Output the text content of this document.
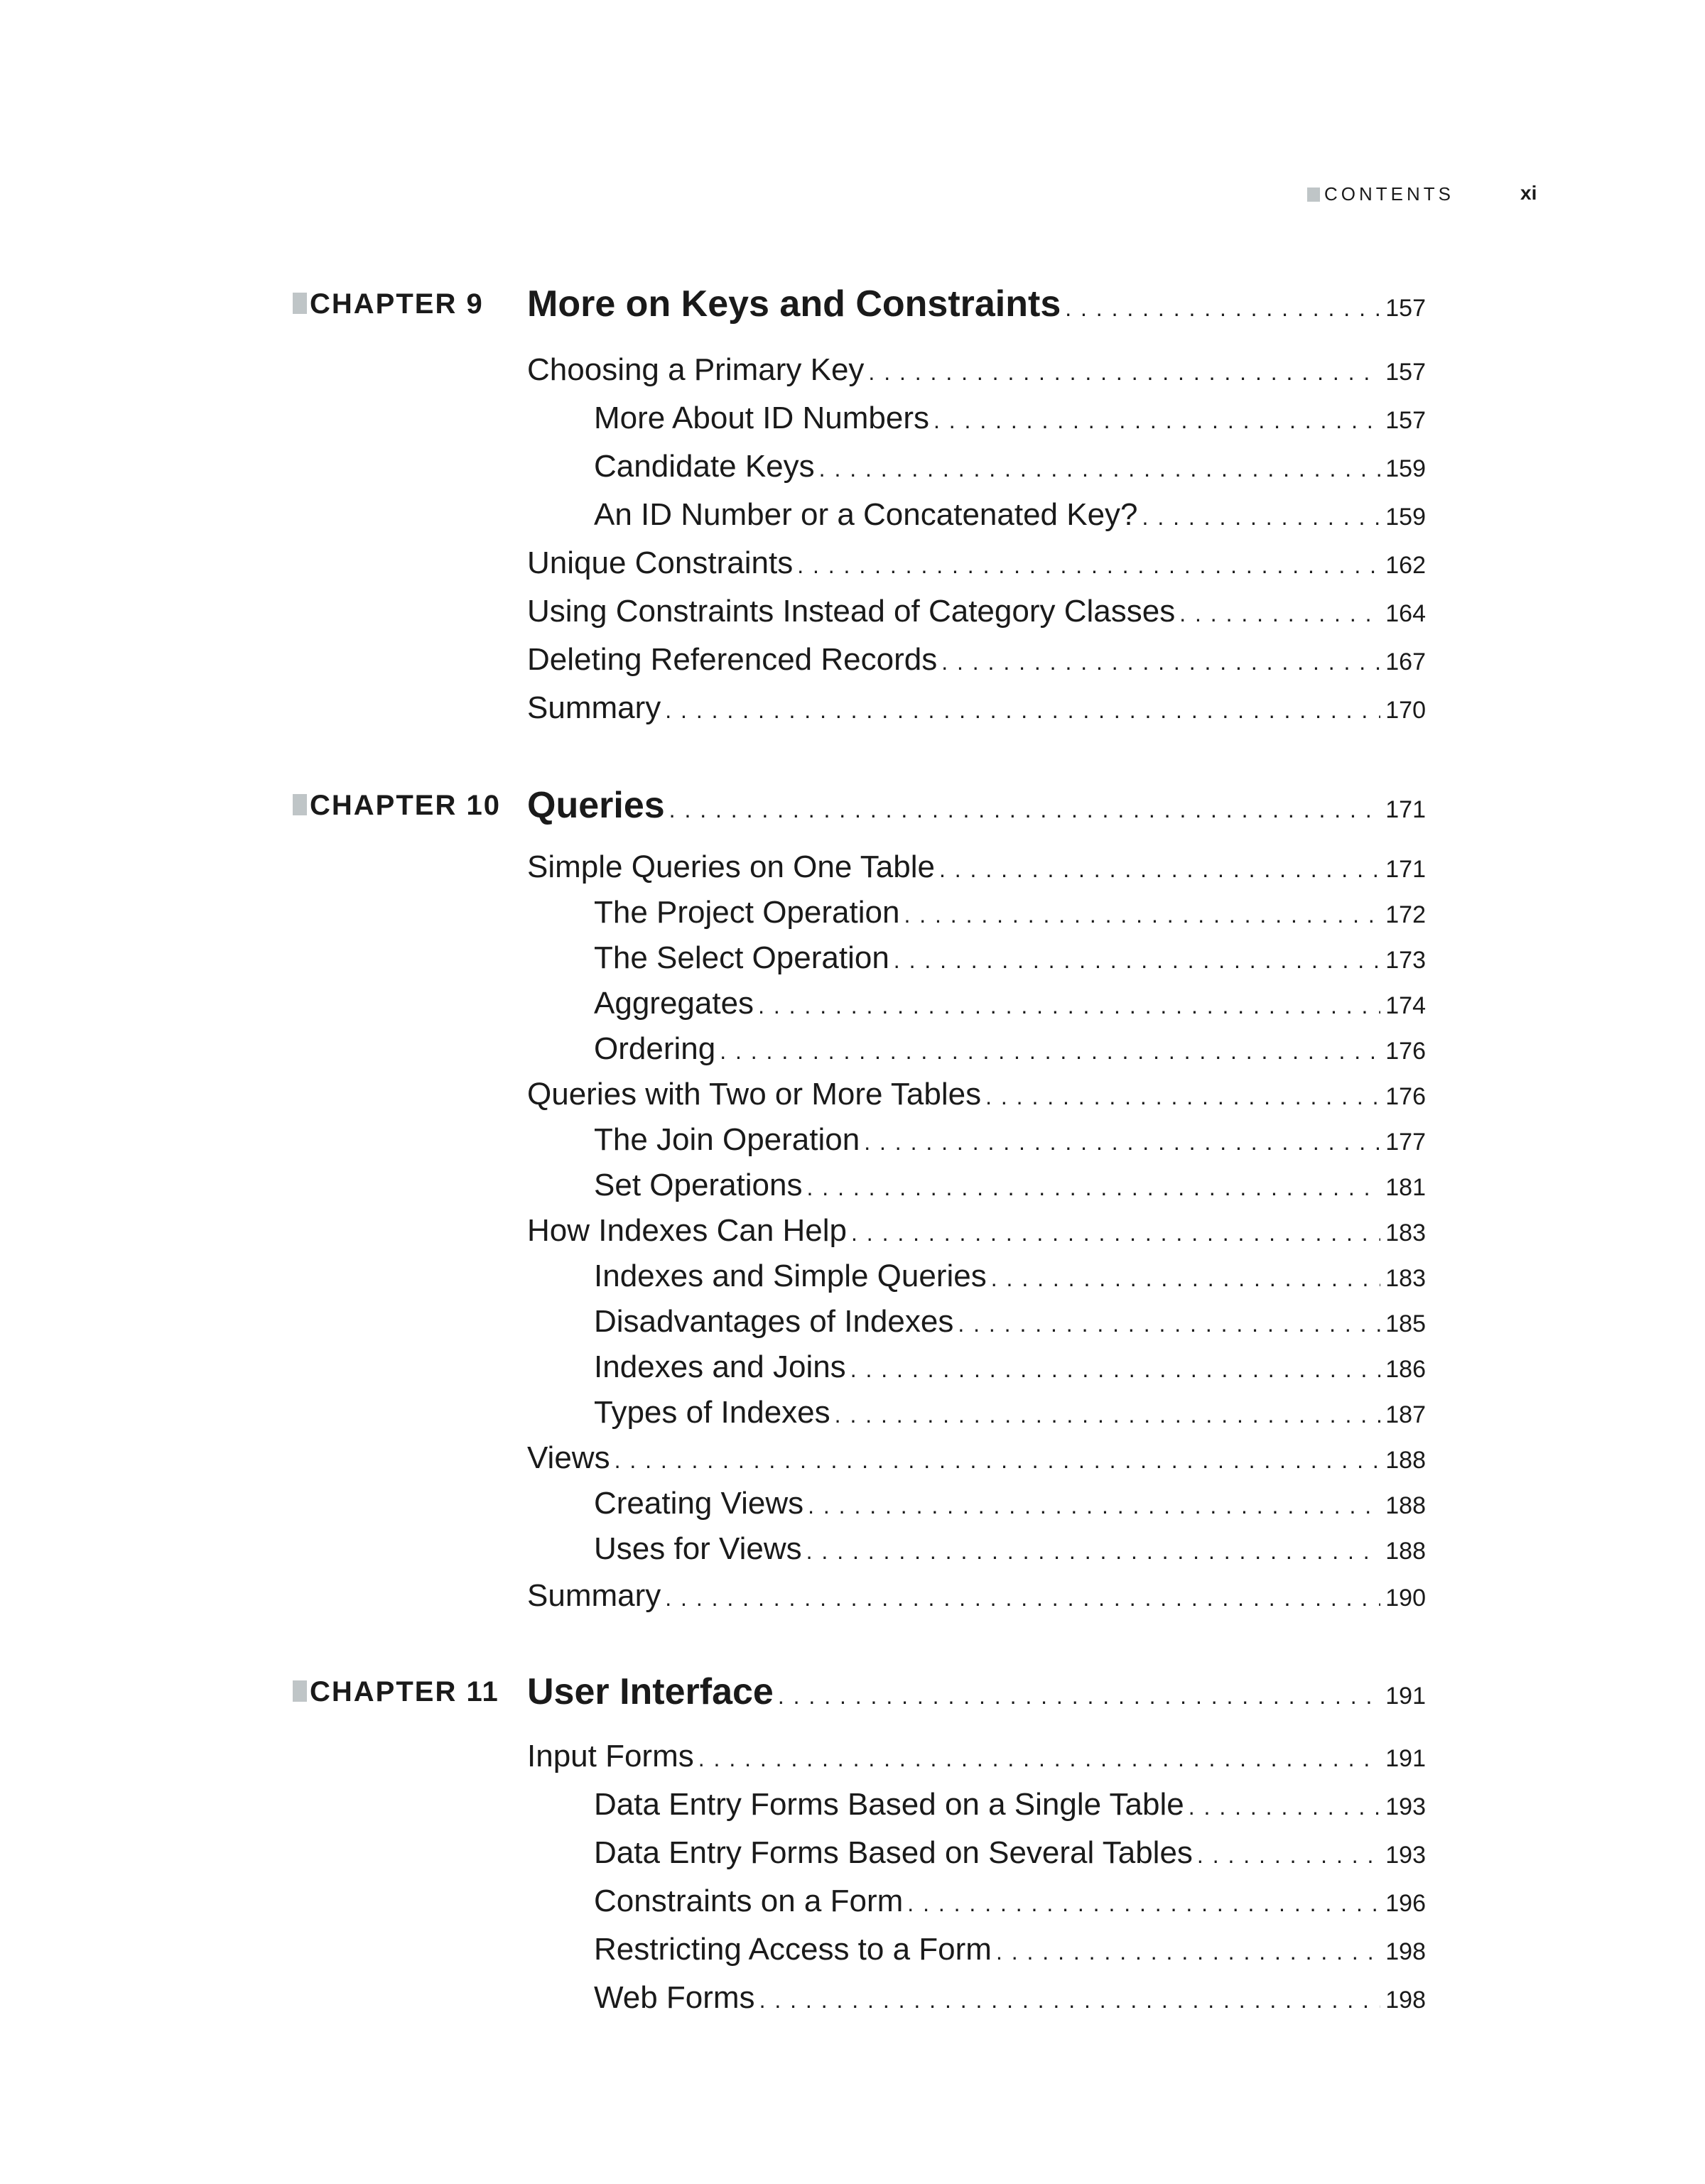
CONTENTS	xi
CHAPTER 9 More on Keys and Constraints . . .	157
Choosing a Primary Key . . .	157
More About ID Numbers . . .	157
Candidate Keys . . .	159
An ID Number or a Concatenated Key? . . .	159
Unique Constraints . . .	162
Using Constraints Instead of Category Classes . . .	164
Deleting Referenced Records . . .	167
Summary . . .	170
CHAPTER 10 Queries . . .	171
Simple Queries on One Table . . .	171
The Project Operation . . .	172
The Select Operation . . .	173
Aggregates . . .	174
Ordering . . .	176
Queries with Two or More Tables . . .	176
The Join Operation . . .	177
Set Operations . . .	181
How Indexes Can Help . . .	183
Indexes and Simple Queries . . .	183
Disadvantages of Indexes . . .	185
Indexes and Joins . . .	186
Types of Indexes . . .	187
Views . . .	188
Creating Views . . .	188
Uses for Views . . .	188
Summary . . .	190
CHAPTER 11 User Interface . . .	191
Input Forms . . .	191
Data Entry Forms Based on a Single Table . . .	193
Data Entry Forms Based on Several Tables . . .	193
Constraints on a Form . . .	196
Restricting Access to a Form . . .	198
Web Forms . . .	198
